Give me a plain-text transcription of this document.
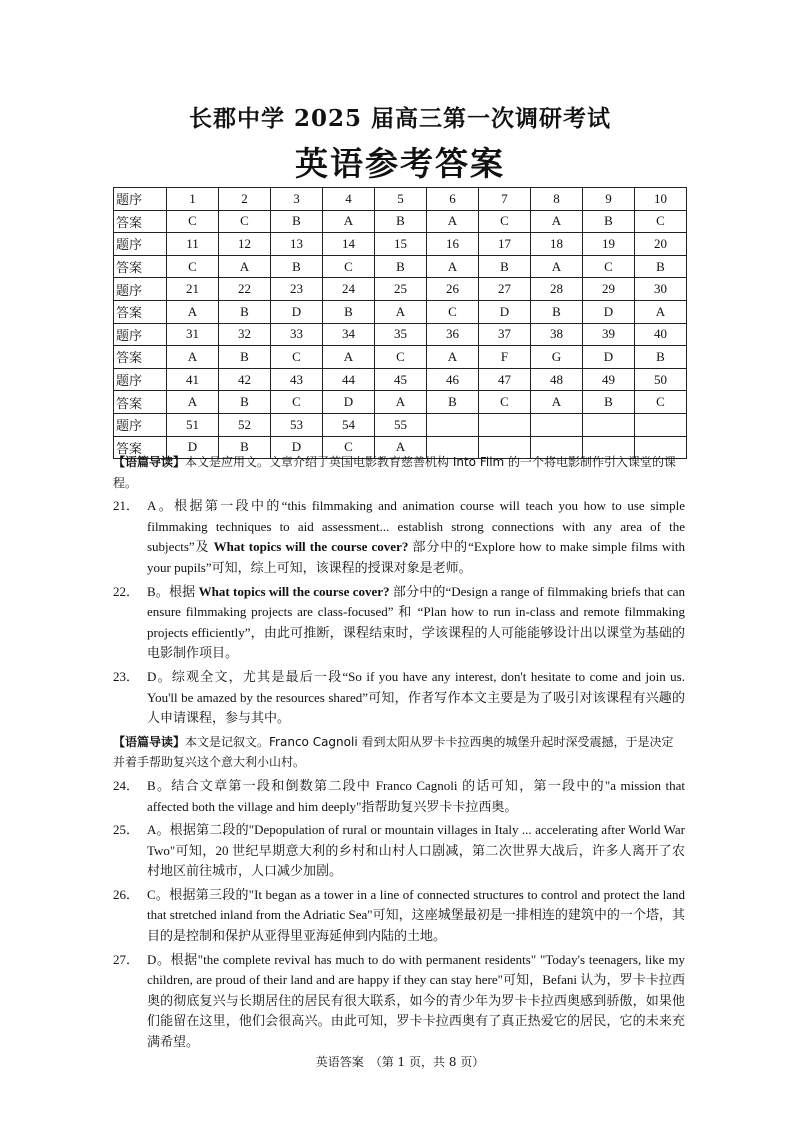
长郡中学 2025 届高三第一次调研考试
英语参考答案
题序	1	2	3	4	5	6	7	8	9	10
答案	C	C	B	A	B	A	C	A	B	C
题序	11	12	13	14	15	16	17	18	19	20
答案	C	A	B	C	B	A	B	A	C	B
题序	21	22	23	24	25	26	27	28	29	30
答案	A	B	D	B	A	C	D	B	D	A
题序	31	32	33	34	35	36	37	38	39	40
答案	A	B	C	A	C	A	F	G	D	B
题序	41	42	43	44	45	46	47	48	49	50
答案	A	B	C	D	A	B	C	A	B	C
题序	51	52	53	54	55					
答案	D	B	D	C	A					

【语篇导读】本文是应用文。文章介绍了英国电影教育慈善机构 Into Film 的一个将电影制作引入课堂的课程。

21． A。根据第一段中的“this filmmaking and animation course will teach you how to use simple filmmaking techniques to aid assessment... establish strong connections with any area of the subjects”及 What topics will the course cover? 部分中的“Explore how to make simple films with your pupils”可知，综上可知，该课程的授课对象是老师。
22． B。根据 What topics will the course cover? 部分中的“Design a range of filmmaking briefs that can ensure filmmaking projects are class-focused” 和 “Plan how to run in-class and remote filmmaking projects efficiently”，由此可推断，课程结束时，学该课程的人可能能够设计出以课堂为基础的电影制作项目。
23． D。综观全文，尤其是最后一段“So if you have any interest, don't hesitate to come and join us. You'll be amazed by the resources shared”可知，作者写作本文主要是为了吸引对该课程有兴趣的人申请课程，参与其中。

【语篇导读】本文是记叙文。Franco Cagnoli 看到太阳从罗卡卡拉西奥的城堡升起时深受震撼，于是决定并着手帮助复兴这个意大利小山村。

24． B。结合文章第一段和倒数第二段中 Franco Cagnoli 的话可知，第一段中的"a mission that affected both the village and him deeply"指帮助复兴罗卡卡拉西奥。
25． A。根据第二段的"Depopulation of rural or mountain villages in Italy ... accelerating after World War Two"可知，20 世纪早期意大利的乡村和山村人口剧减，第二次世界大战后，许多人离开了农村地区前往城市，人口减少加剧。
26． C。根据第三段的"It began as a tower in a line of connected structures to control and protect the land that stretched inland from the Adriatic Sea"可知，这座城堡最初是一排相连的建筑中的一个塔，其目的是控制和保护从亚得里亚海延伸到内陆的土地。
27． D。根据"the complete revival has much to do with permanent residents" "Today's teenagers, like my children, are proud of their land and are happy if they can stay here"可知，Befani 认为，罗卡卡拉西奥的彻底复兴与长期居住的居民有很大联系，如今的青少年为罗卡卡拉西奥感到骄傲，如果他们能留在这里，他们会很高兴。由此可知，罗卡卡拉西奥有了真正热爱它的居民，它的未来充满希望。
英语答案　（第 1 页，共 8 页）
